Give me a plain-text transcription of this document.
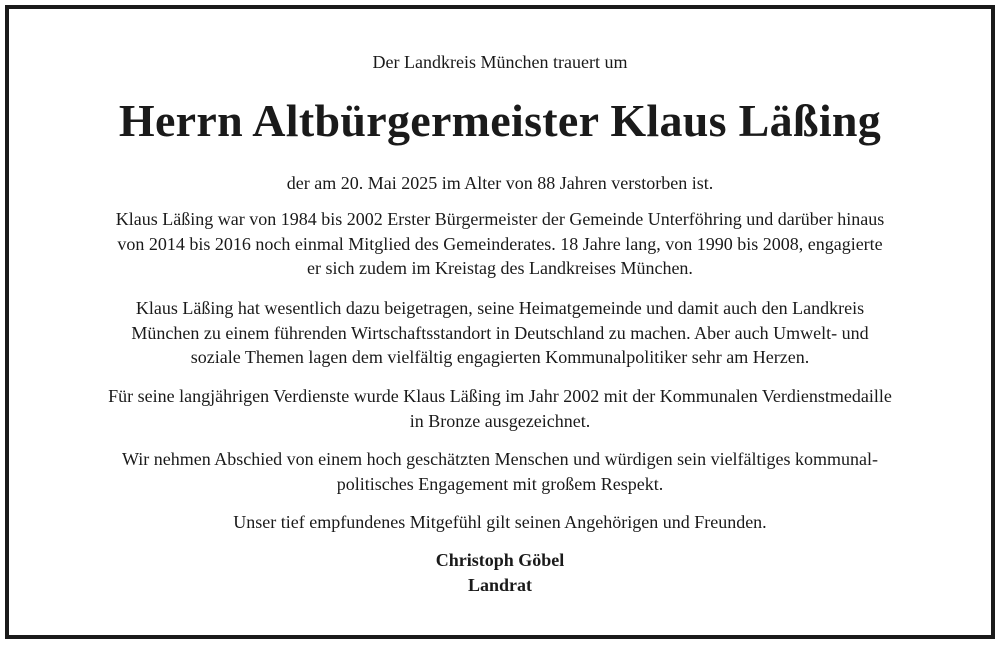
Der Landkreis München trauert um
Herrn Altbürgermeister Klaus Läßing
der am 20. Mai 2025 im Alter von 88 Jahren verstorben ist.
Klaus Läßing war von 1984 bis 2002 Erster Bürgermeister der Gemeinde Unterföhring und darüber hinaus
von 2014 bis 2016 noch einmal Mitglied des Gemeinderates. 18 Jahre lang, von 1990 bis 2008, engagierte
er sich zudem im Kreistag des Landkreises München.
Klaus Läßing hat wesentlich dazu beigetragen, seine Heimatgemeinde und damit auch den Landkreis
München zu einem führenden Wirtschaftsstandort in Deutschland zu machen. Aber auch Umwelt- und
soziale Themen lagen dem vielfältig engagierten Kommunalpolitiker sehr am Herzen.
Für seine langjährigen Verdienste wurde Klaus Läßing im Jahr 2002 mit der Kommunalen Verdienstmedaille
in Bronze ausgezeichnet.
Wir nehmen Abschied von einem hoch geschätzten Menschen und würdigen sein vielfältiges kommunal-
politisches Engagement mit großem Respekt.
Unser tief empfundenes Mitgefühl gilt seinen Angehörigen und Freunden.
Christoph Göbel
Landrat
